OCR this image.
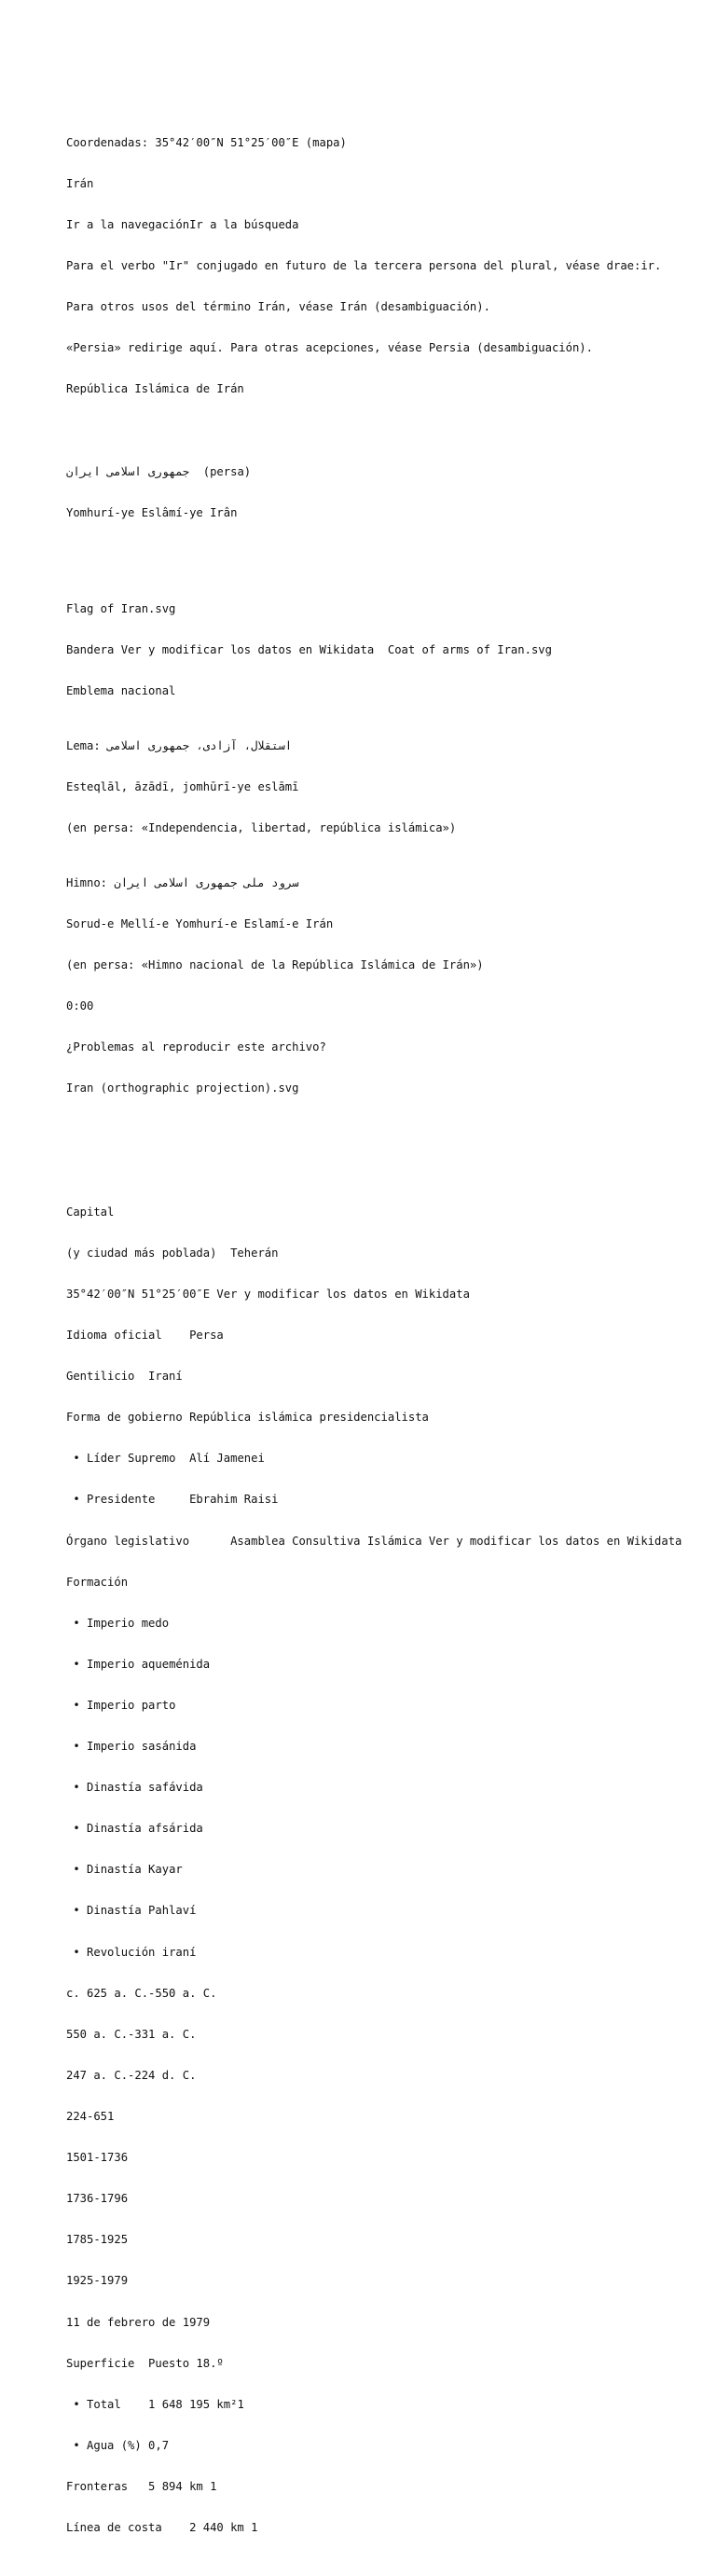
Coordenadas: 35°42′00″N 51°25′00″E (mapa)

Irán

Ir a la navegaciónIr a la búsqueda

Para el verbo "Ir" conjugado en futuro de la tercera persona del plural, véase drae:ir.

Para otros usos del término Irán, véase Irán (desambiguación).

«Persia» redirige aquí. Para otras acepciones, véase Persia (desambiguación).

República Islámica de Irán

جمهوری اسلامی ایران  (persa)

Yomhurí-ye Eslâmí-ye Irân

Flag of Iran.svg

Bandera Ver y modificar los datos en Wikidata  Coat of arms of Iran.svg

Emblema nacional

Lema: استقلال، آزادی، جمهوری اسلامی

Esteqlāl, āzādī, jomhūrī-ye eslāmī

(en persa: «Independencia, libertad, república islámica»)

Himno: سرود ملی جمهوری اسلامی ایران

Sorud-e Mellí-e Yomhurí-e Eslamí-e Irán

(en persa: «Himno nacional de la República Islámica de Irán»)

0:00

¿Problemas al reproducir este archivo?

Iran (orthographic projection).svg

Capital

(y ciudad más poblada)  Teherán

35°42′00″N 51°25′00″E Ver y modificar los datos en Wikidata

Idioma oficial    Persa

Gentilicio  Iraní

Forma de gobierno República islámica presidencialista

• Líder Supremo  Alí Jamenei

• Presidente     Ebrahim Raisi

Órgano legislativo      Asamblea Consultiva Islámica Ver y modificar los datos en Wikidata

Formación

• Imperio medo

• Imperio aqueménida

• Imperio parto

• Imperio sasánida

• Dinastía safávida

• Dinastía afsárida

• Dinastía Kayar

• Dinastía Pahlaví

• Revolución iraní

c. 625 a. C.-550 a. C.

550 a. C.-331 a. C.

247 a. C.-224 d. C.

224-651

1501-1736

1736-1796

1785-1925

1925-1979

11 de febrero de 1979

Superficie  Puesto 18.º

• Total    1 648 195 km²1

• Agua (%) 0,7

Fronteras   5 894 km 1

Línea de costa    2 440 km 1
